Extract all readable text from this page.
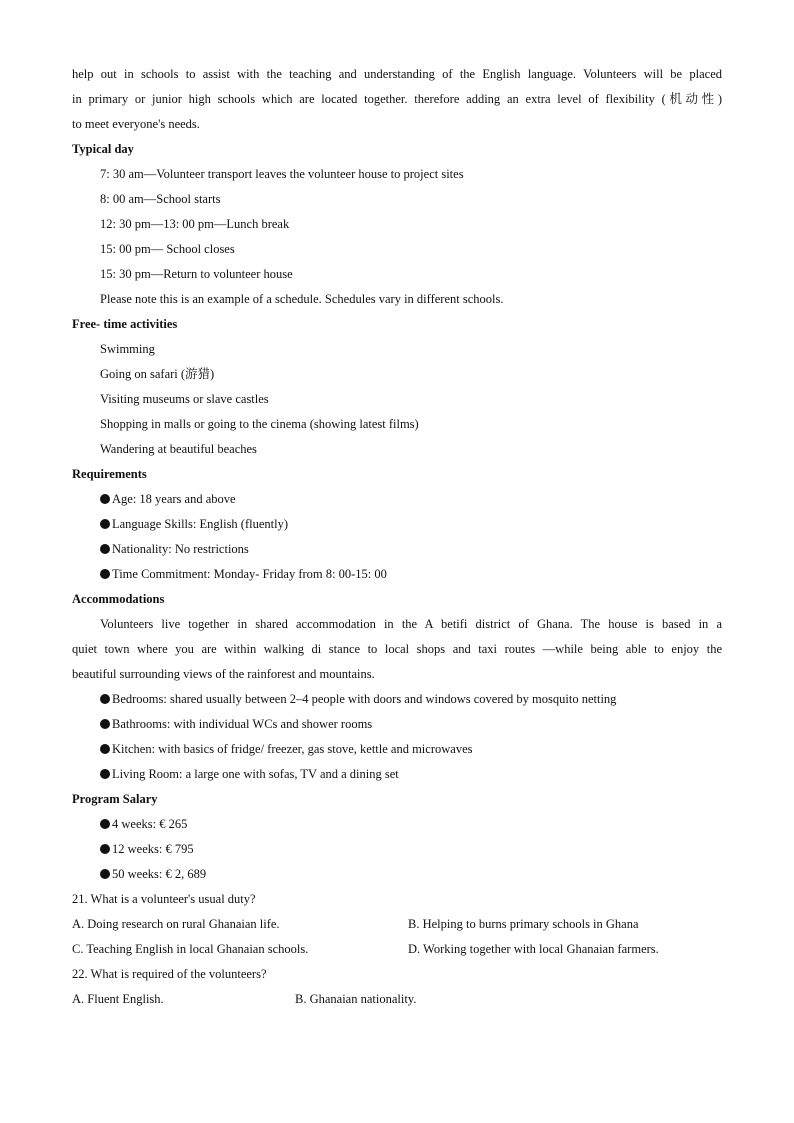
help out in schools to assist with the teaching and understanding of the English language. Volunteers will be placed
in primary or junior high schools which are located together. therefore adding an extra level of flexibility (机动性)
to meet everyone's needs.
Typical day
7: 30 am—Volunteer transport leaves the volunteer house to project sites
8: 00 am—School starts
12: 30 pm—13: 00 pm—Lunch break
15: 00 pm— School closes
15: 30 pm—Return to volunteer house
Please note this is an example of a schedule. Schedules vary in different schools.
Free- time activities
Swimming
Going on safari (游猎)
Visiting museums or slave castles
Shopping in malls or going to the cinema (showing latest films)
Wandering at beautiful beaches
Requirements
Age: 18 years and above
Language Skills: English (fluently)
Nationality: No restrictions
Time Commitment: Monday- Friday from 8: 00-15: 00
Accommodations
Volunteers live together in shared accommodation in the A betifi district of Ghana. The house is based in a
quiet town where you are within walking di stance to local shops and taxi routes —while being able to enjoy the
beautiful surrounding views of the rainforest and mountains.
Bedrooms: shared usually between 2–4 people with doors and windows covered by mosquito netting
Bathrooms: with individual WCs and shower rooms
Kitchen: with basics of fridge/ freezer, gas stove, kettle and microwaves
Living Room: a large one with sofas, TV and a dining set
Program Salary
4 weeks: € 265
12 weeks: € 795
50 weeks: € 2, 689
21. What is a volunteer's usual duty?
A. Doing research on rural Ghanaian life.	B. Helping to burns primary schools in Ghana
C. Teaching English in local Ghanaian schools.	D. Working together with local Ghanaian farmers.
22. What is required of the volunteers?
A. Fluent English.	B. Ghanaian nationality.
